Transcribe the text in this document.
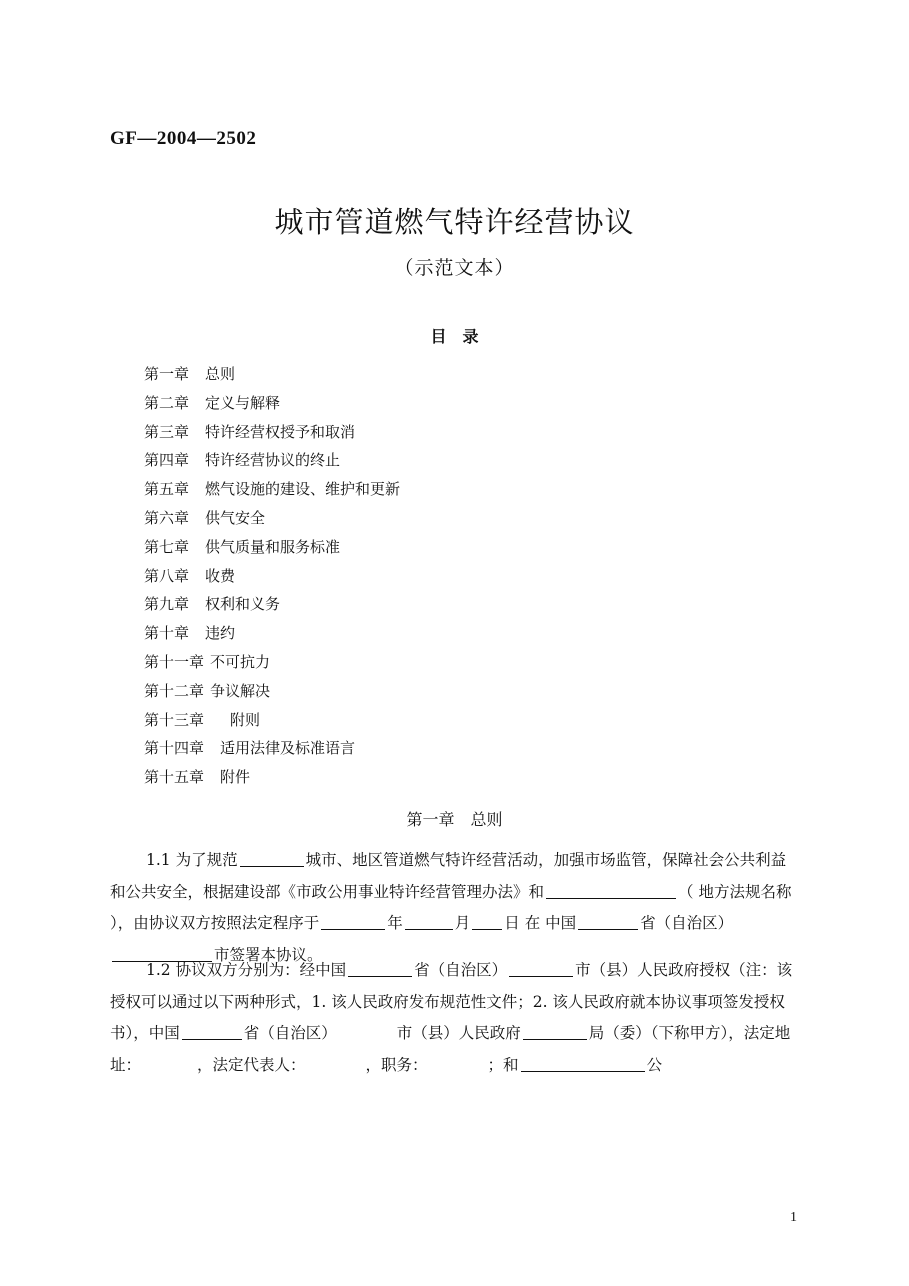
GF—2004—2502
城市管道燃气特许经营协议
（示范文本）
目　录
第一章 总则
第二章 定义与解释
第三章 特许经营权授予和取消
第四章 特许经营协议的终止
第五章 燃气设施的建设、维护和更新
第六章 供气安全
第七章 供气质量和服务标准
第八章 收费
第九章 权利和义务
第十章 违约
第十一章 不可抗力
第十二章 争议解决
第十三章 附则
第十四章 适用法律及标准语言
第十五章 附件
第一章 总则
1.1 为了规范	城市、地区管道燃气特许经营活动，加强市场监管，保障社会公共利益和公共安全，根据建设部《市政公用事业特许经营管理办法》和	（ 地方法规名称 ），由协议双方按照法定程序于	年	月 日 在 中国	省（自治区）市签署本协议。
1.2 协议双方分别为：经中国	省（自治区）	市（县）人民政府授权（注：该授权可以通过以下两种形式，1. 该人民政府发布规范性文件；2. 该人民政府就本协议事项签发授权书），中国	省（自治区）	市（县）人民政府	局（委）（下称甲方），法定地址：	，法定代表人：	，职务：	；和	公
1
